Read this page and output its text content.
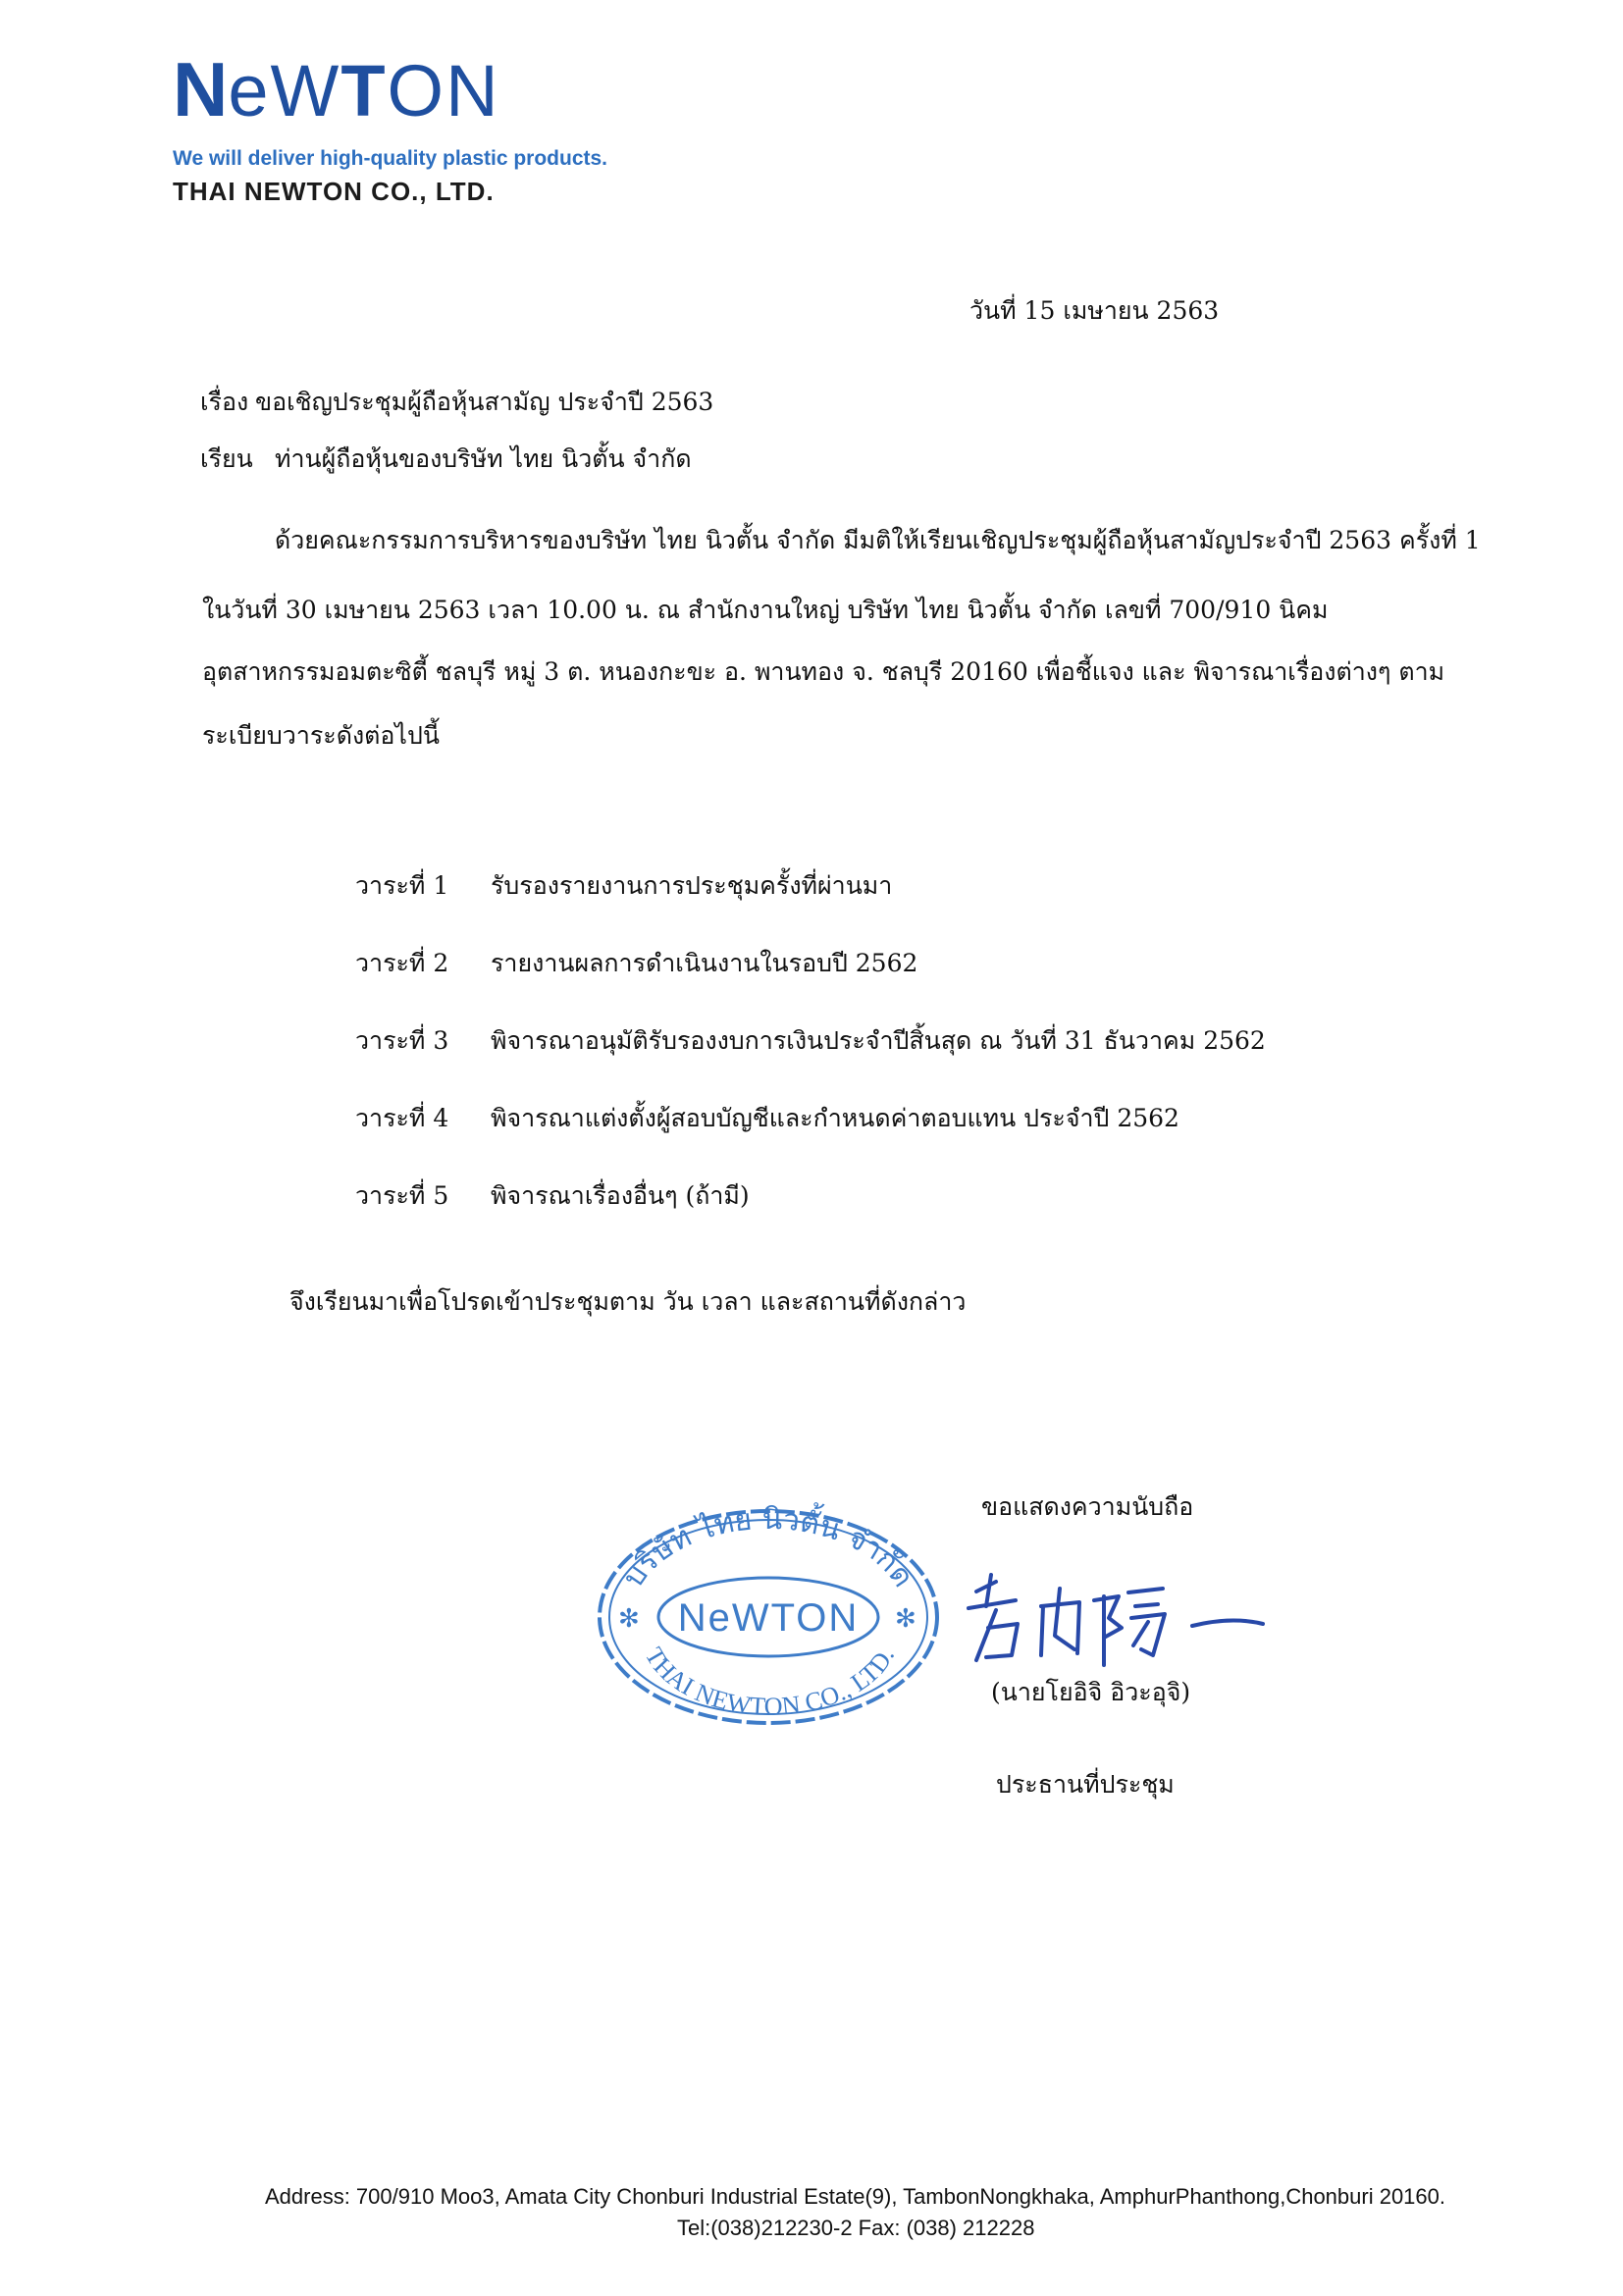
NeWTON
We will deliver high-quality plastic products.
THAI NEWTON CO., LTD.
วันที่ 15 เมษายน 2563
เรื่อง ขอเชิญประชุมผู้ถือหุ้นสามัญ ประจำปี 2563
เรียน ท่านผู้ถือหุ้นของบริษัท ไทย นิวตั้น จำกัด
ด้วยคณะกรรมการบริหารของบริษัท ไทย นิวตั้น จำกัด มีมติให้เรียนเชิญประชุมผู้ถือหุ้นสามัญประจำปี 2563 ครั้งที่ 1
ในวันที่ 30 เมษายน 2563 เวลา 10.00 น. ณ สำนักงานใหญ่ บริษัท ไทย นิวตั้น จำกัด เลขที่ 700/910 นิคม
อุตสาหกรรมอมตะซิตี้ ชลบุรี หมู่ 3 ต. หนองกะขะ อ. พานทอง จ. ชลบุรี 20160 เพื่อชี้แจง และ พิจารณาเรื่องต่างๆ ตาม
ระเบียบวาระดังต่อไปนี้
วาระที่ 1 รับรองรายงานการประชุมครั้งที่ผ่านมา
วาระที่ 2 รายงานผลการดำเนินงานในรอบปี 2562
วาระที่ 3 พิจารณาอนุมัติรับรองงบการเงินประจำปีสิ้นสุด ณ วันที่ 31 ธันวาคม 2562
วาระที่ 4 พิจารณาแต่งตั้งผู้สอบบัญชีและกำหนดค่าตอบแทน ประจำปี 2562
วาระที่ 5 พิจารณาเรื่องอื่นๆ (ถ้ามี)
จึงเรียนมาเพื่อโปรดเข้าประชุมตาม วัน เวลา และสถานที่ดังกล่าว
ขอแสดงความนับถือ
บริษัท ไทย นิวตั้น จำกัด
NeWTON
THAI NEWTON CO., LTD.
✻	✻
(นายโยอิจิ อิวะอุจิ)
ประธานที่ประชุม
Address: 700/910 Moo3, Amata City Chonburi Industrial Estate(9), TambonNongkhaka, AmphurPhanthong,Chonburi 20160.
Tel:(038)212230-2 Fax: (038) 212228
